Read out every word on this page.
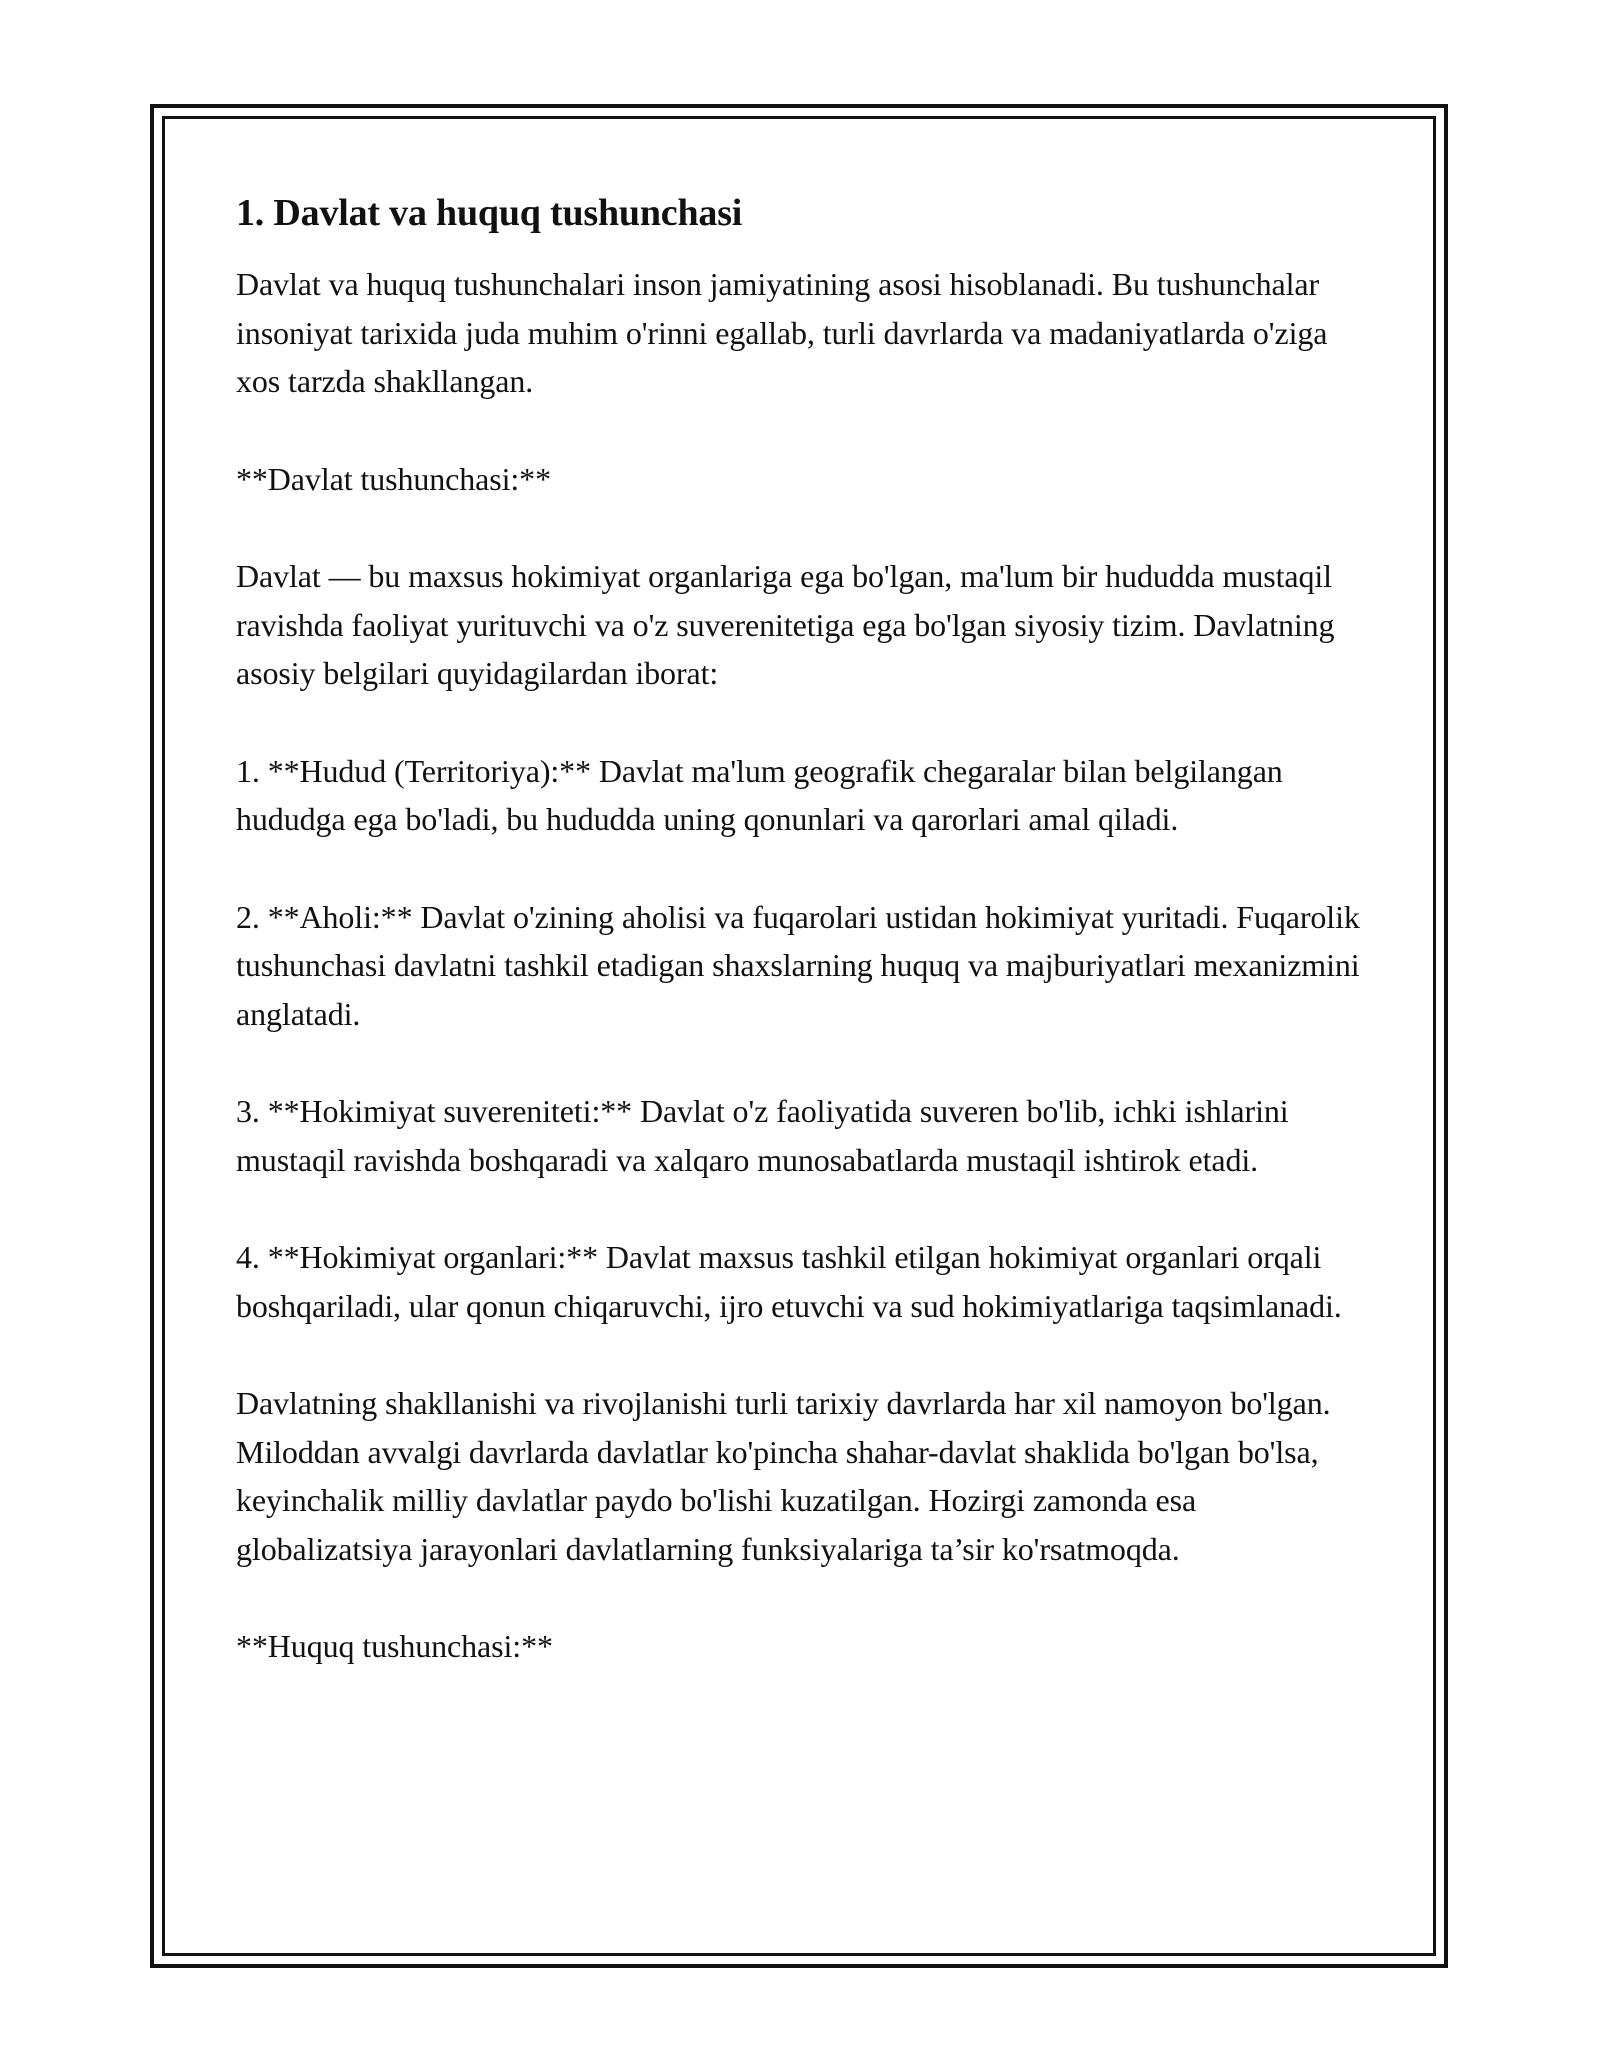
1. Davlat va huquq tushunchasi

Davlat va huquq tushunchalari inson jamiyatining asosi hisoblanadi. Bu tushunchalar insoniyat tarixida juda muhim o'rinni egallab, turli davrlarda va madaniyatlarda o'ziga xos tarzda shakllangan.

**Davlat tushunchasi:**

Davlat — bu maxsus hokimiyat organlariga ega bo'lgan, ma'lum bir hududda mustaqil ravishda faoliyat yurituvchi va o'z suverenitetiga ega bo'lgan siyosiy tizim. Davlatning asosiy belgilari quyidagilardan iborat:

1. **Hudud (Territoriya):** Davlat ma'lum geografik chegaralar bilan belgilangan hududga ega bo'ladi, bu hududda uning qonunlari va qarorlari amal qiladi.

2. **Aholi:** Davlat o'zining aholisi va fuqarolari ustidan hokimiyat yuritadi. Fuqarolik tushunchasi davlatni tashkil etadigan shaxslarning huquq va majburiyatlari mexanizmini anglatadi.

3. **Hokimiyat suvereniteti:** Davlat o'z faoliyatida suveren bo'lib, ichki ishlarini mustaqil ravishda boshqaradi va xalqaro munosabatlarda mustaqil ishtirok etadi.

4. **Hokimiyat organlari:** Davlat maxsus tashkil etilgan hokimiyat organlari orqali boshqariladi, ular qonun chiqaruvchi, ijro etuvchi va sud hokimiyatlariga taqsimlanadi.

Davlatning shakllanishi va rivojlanishi turli tarixiy davrlarda har xil namoyon bo'lgan. Miloddan avvalgi davrlarda davlatlar ko'pincha shahar-davlat shaklida bo'lgan bo'lsa, keyinchalik milliy davlatlar paydo bo'lishi kuzatilgan. Hozirgi zamonda esa globalizatsiya jarayonlari davlatlarning funksiyalariga ta’sir ko'rsatmoqda.

**Huquq tushunchasi:**
